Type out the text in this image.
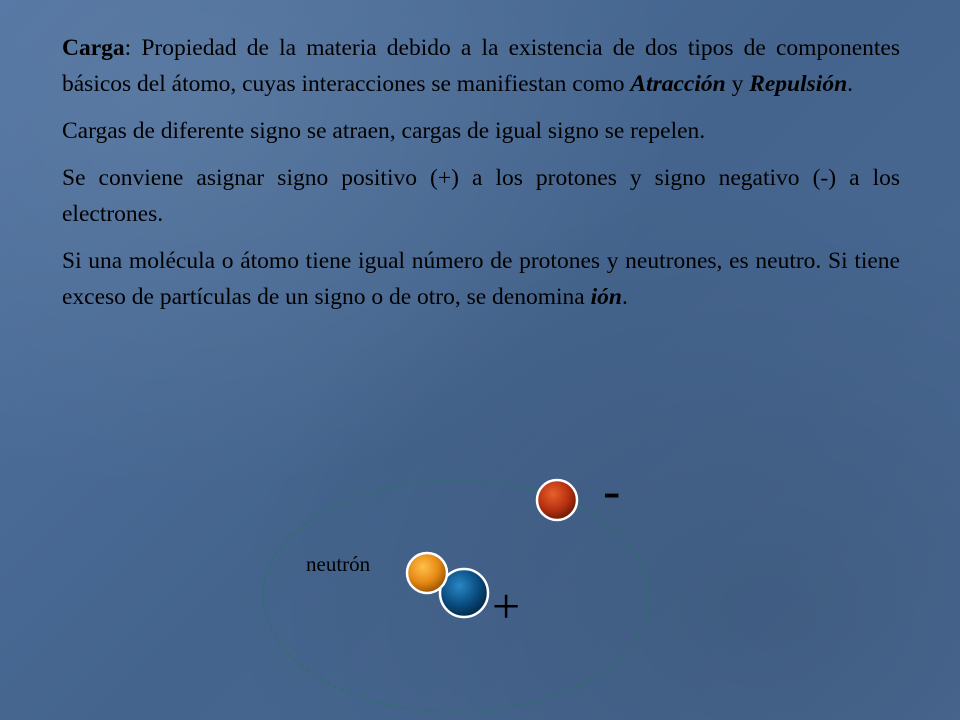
Carga: Propiedad de la materia debido a la existencia de dos tipos de componentes básicos del átomo, cuyas interacciones se manifiestan como Atracción y Repulsión.

Cargas de diferente signo se atraen, cargas de igual signo se repelen.

Se conviene asignar signo positivo (+) a los protones y signo negativo (-) a los electrones.

Si una molécula o átomo tiene igual número de protones y neutrones, es neutro. Si tiene exceso de partículas de un signo o de otro, se denomina ión.

-
+
neutrón
